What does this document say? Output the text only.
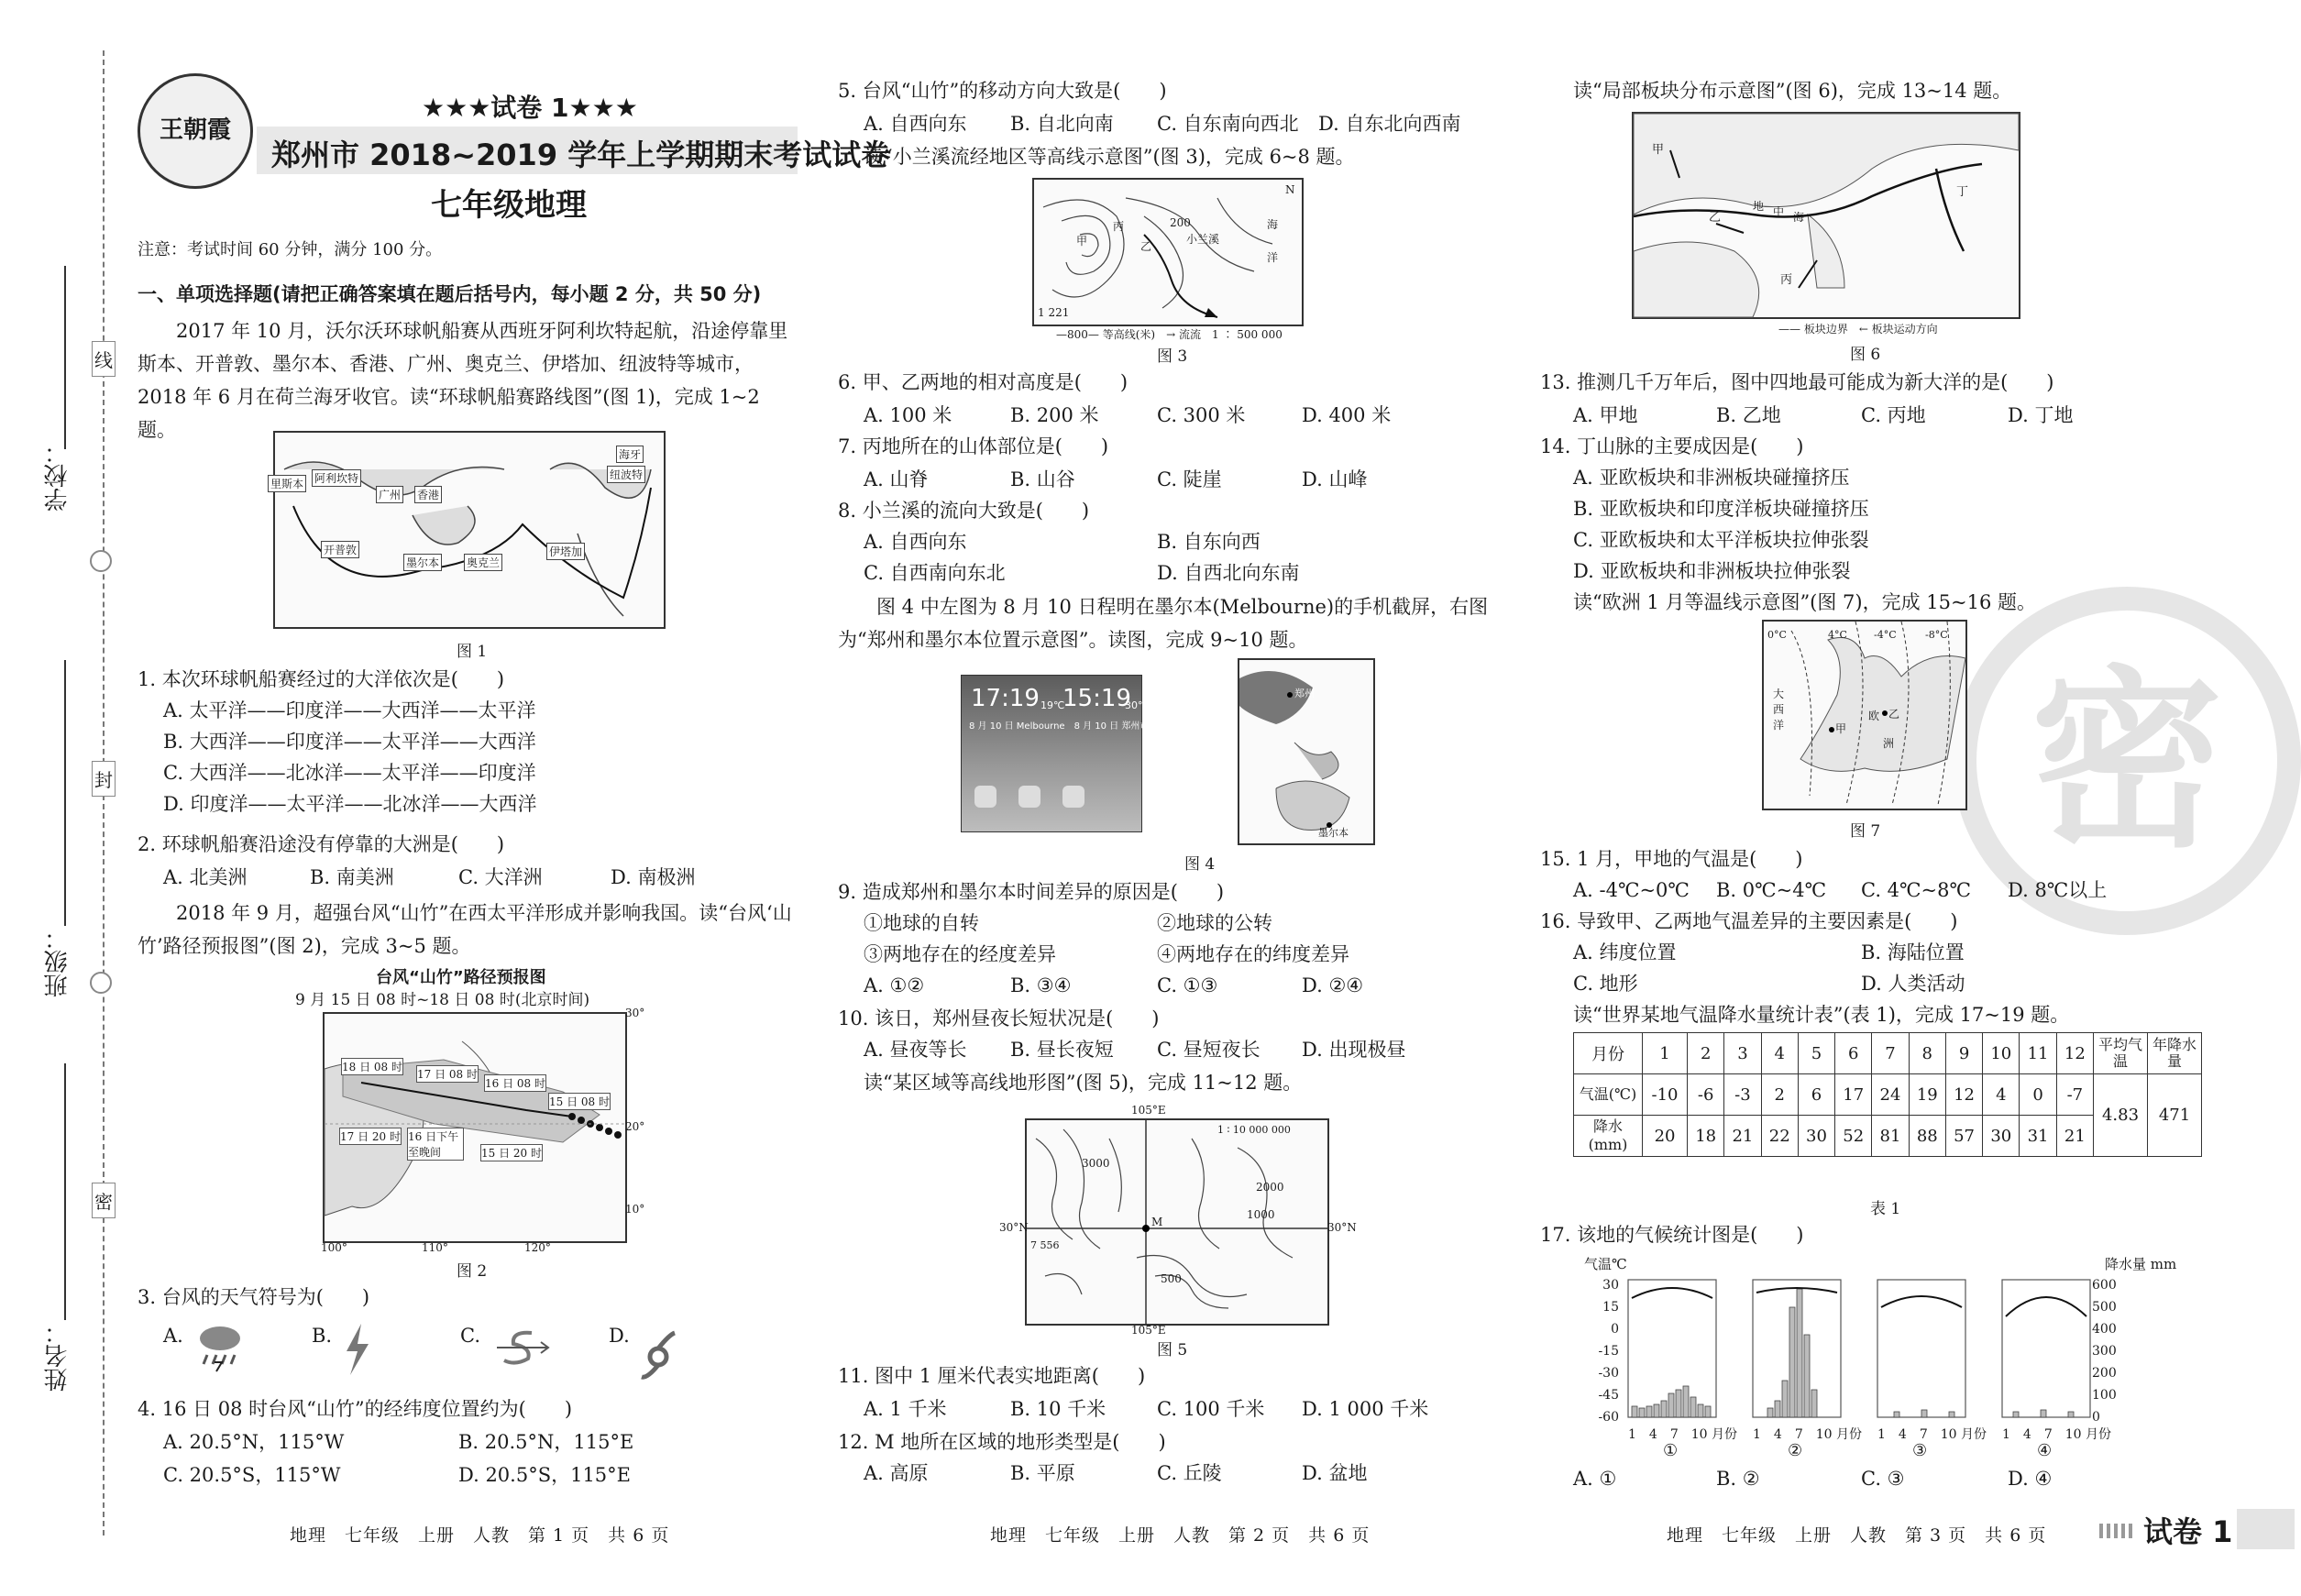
学校：
班级：
姓名：
线
封
密
王朝霞
★★★试卷 1★★★
郑州市 2018~2019 学年上学期期末考试试卷
七年级地理
注意：考试时间 60 分钟，满分 100 分。
一、单项选择题(请把正确答案填在题后括号内，每小题 2 分，共 50 分)
2017 年 10 月，沃尔沃环球帆船赛从西班牙阿利坎特起航，沿途停靠里斯本、开普敦、墨尔本、香港、广州、奥克兰、伊塔加、纽波特等城市，2018 年 6 月在荷兰海牙收官。读“环球帆船赛路线图”(图 1)，完成 1~2 题。
里斯本 阿利坎特
海牙
纽波特
伊塔加
广州 香港
开普敦
墨尔本 奥克兰
图 1
1. 本次环球帆船赛经过的大洋依次是(　　)
A. 太平洋——印度洋——大西洋——太平洋
B. 大西洋——印度洋——太平洋——大西洋
C. 大西洋——北冰洋——太平洋——印度洋
D. 印度洋——太平洋——北冰洋——大西洋
2. 环球帆船赛沿途没有停靠的大洲是(　　)
A. 北美洲	B. 南美洲	C. 大洋洲	D. 南极洲
2018 年 9 月，超强台风“山竹”在西太平洋形成并影响我国。读“台风‘山竹’路径预报图”(图 2)，完成 3~5 题。
台风“山竹”路径预报图
9 月 15 日 08 时~18 日 08 时(北京时间)
18 日 08 时
17 日 08 时
16 日 08 时
15 日 08 时
17 日 20 时 16 日下午 至晚间	15 日 20 时
100°	110°	120°
30°
20°
10°
图 2
3. 台风的天气符号为(　　)
A.	B.	C.	D.
4. 16 日 08 时台风“山竹”的经纬度位置约为(　　)
A. 20.5°N，115°W	B. 20.5°N，115°E
C. 20.5°S，115°W	D. 20.5°S，115°E
地理　七年级　上册　人教　第 1 页　共 6 页
5. 台风“山竹”的移动方向大致是(　　)
A. 自西向东 B. 自北向南 C. 自东南向西北 D. 自东北向西南
读“小兰溪流经地区等高线示意图”(图 3)，完成 6~8 题。
甲	乙
丙	海
洋
小兰溪
1 221
200
N
—800— 等高线(米)　→ 流流　1 ∶ 500 000
图 3
6. 甲、乙两地的相对高度是(　　)
A. 100 米	B. 200 米	C. 300 米	D. 400 米
7. 丙地所在的山体部位是(　　)
A. 山脊	B. 山谷	C. 陡崖	D. 山峰
8. 小兰溪的流向大致是(　　)
A. 自西向东	B. 自东向西
C. 自西南向东北	D. 自西北向东南
图 4 中左图为 8 月 10 日程明在墨尔本(Melbourne)的手机截屏，右图为“郑州和墨尔本位置示意图”。读图，完成 9~10 题。
17:19 19℃
15:19
30℃
8 月 10 日 Melbourne　8 月 10 日 郑州市
郑州
墨尔本
图 4
9. 造成郑州和墨尔本时间差异的原因是(　　)
①地球的自转	②地球的公转
③两地存在的经度差异	④两地存在的纬度差异
A. ①②	B. ③④	C. ①③	D. ②④
10. 该日，郑州昼夜长短状况是(　　)
A. 昼夜等长 B. 昼长夜短 C. 昼短夜长 D. 出现极昼
读“某区域等高线地形图”(图 5)，完成 11~12 题。
1 ∶ 10 000 000
M
3000
1000
500
7 556
2000
105°E
105°E
30°N	30°N
图 5
11. 图中 1 厘米代表实地距离(　　)
A. 1 千米	B. 10 千米	C. 100 千米 D. 1 000 千米
12. M 地所在区域的地形类型是(　　)
A. 高原	B. 平原	C. 丘陵	D. 盆地
地理　七年级　上册　人教　第 2 页　共 6 页
密
读“局部板块分布示意图”(图 6)，完成 13~14 题。
甲
乙
丙
丁
地 中 海
—— 板块边界　← 板块运动方向
图 6
13. 推测几千万年后，图中四地最可能成为新大洋的是(　　)
A. 甲地	B. 乙地	C. 丙地	D. 丁地
14. 丁山脉的主要成因是(　　)
A. 亚欧板块和非洲板块碰撞挤压
B. 亚欧板块和印度洋板块碰撞挤压
C. 亚欧板块和太平洋板块拉伸张裂
D. 亚欧板块和非洲板块拉伸张裂
读“欧洲 1 月等温线示意图”(图 7)，完成 15~16 题。
0°C	4°C	-4°C	-8°C
大西洋
欧
洲
甲
乙
图 7
15. 1 月，甲地的气温是(　　)
A. -4℃~0℃ B. 0℃~4℃ C. 4℃~8℃ D. 8℃以上
16. 导致甲、乙两地气温差异的主要因素是(　　)
A. 纬度位置	B. 海陆位置
C. 地形	D. 人类活动
读“世界某地气温降水量统计表”(表 1)，完成 17~19 题。
月份	1	2	3	4	5	6	7	8	9	10	11	12	平均气温	年降水量
气温(℃)	-10	-6	-3	2	6	17	24	19	12	4	0	-7	4.83	471
降水(mm)	20	18	21	22	30	52	81	88	57	30	31	21		
表 1
17. 该地的气候统计图是(　　)
气温℃	降水量 mm
30
15
0
-15
-30
-45
-60
600
500
400
300
200
100
0
1　4　7　10 月份 1　4　7　10 月份 1　4　7　10 月份 1　4　7　10 月份
①	②	③	④
A. ①	B. ②	C. ③	D. ④
地理　七年级　上册　人教　第 3 页　共 6 页	试卷 1
